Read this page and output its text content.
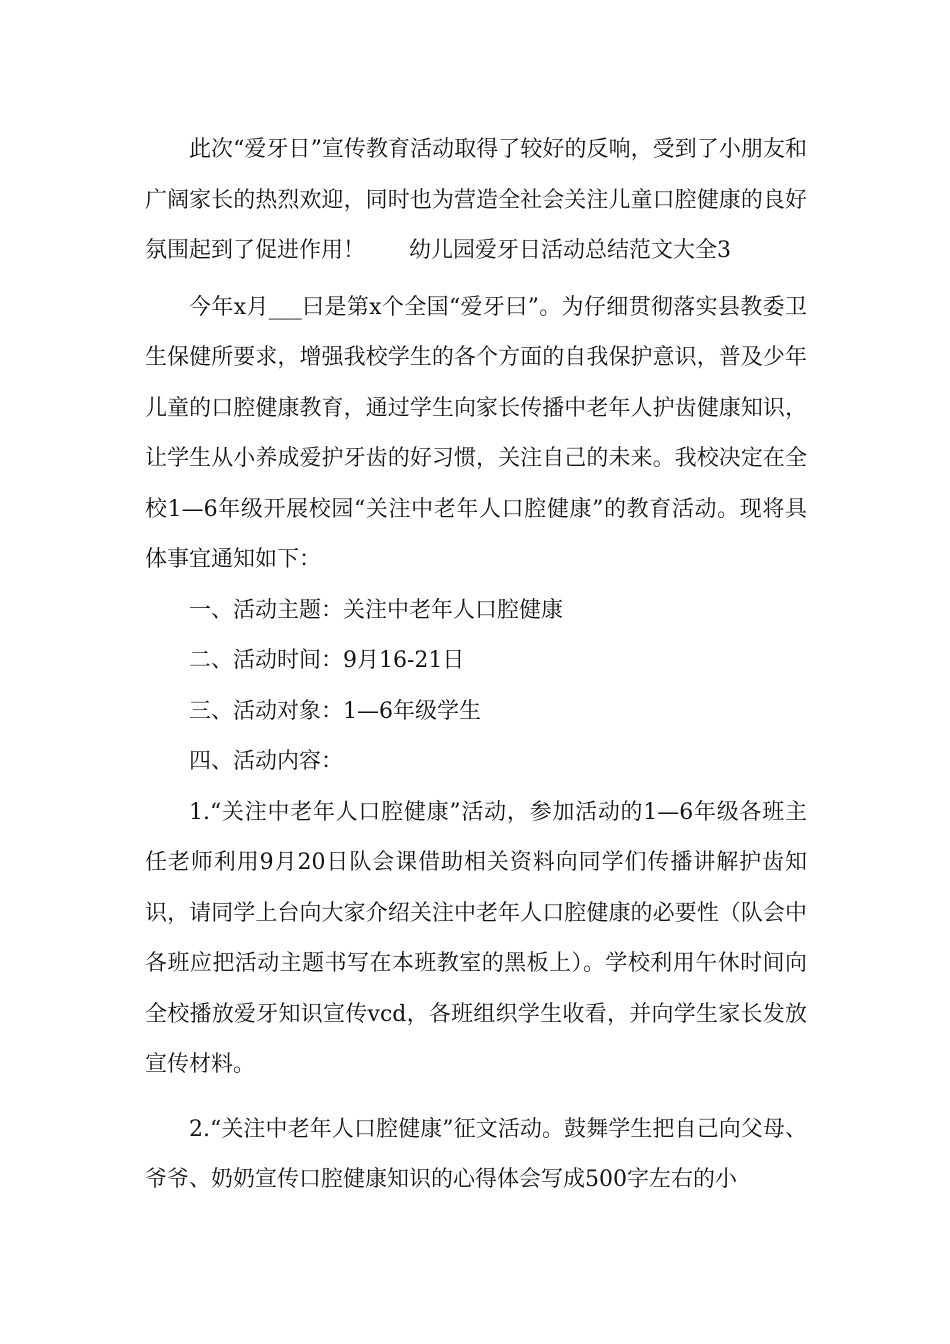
此次“爱牙日”宣传教育活动取得了较好的反响，受到了小朋友和广阔家长的热烈欢迎，同时也为营造全社会关注儿童口腔健康的良好氛围起到了促进作用！　　幼儿园爱牙日活动总结范文大全3

今年x月___曰是第x个全国“爱牙曰”。为仔细贯彻落实县教委卫生保健所要求，增强我校学生的各个方面的自我保护意识，普及少年儿童的口腔健康教育，通过学生向家长传播中老年人护齿健康知识，让学生从小养成爱护牙齿的好习惯，关注自己的未来。我校决定在全校1—6年级开展校园“关注中老年人口腔健康”的教育活动。现将具体事宜通知如下：

一、活动主题：关注中老年人口腔健康

二、活动时间：9月16-21日

三、活动对象：1—6年级学生

四、活动内容：

1.“关注中老年人口腔健康”活动，参加活动的1—6年级各班主任老师利用9月20日队会课借助相关资料向同学们传播讲解护齿知识，请同学上台向大家介绍关注中老年人口腔健康的必要性（队会中各班应把活动主题书写在本班教室的黑板上）。学校利用午休时间向全校播放爱牙知识宣传vcd，各班组织学生收看，并向学生家长发放宣传材料。

2.“关注中老年人口腔健康”征文活动。鼓舞学生把自己向父母、爷爷、奶奶宣传口腔健康知识的心得体会写成500字左右的小
